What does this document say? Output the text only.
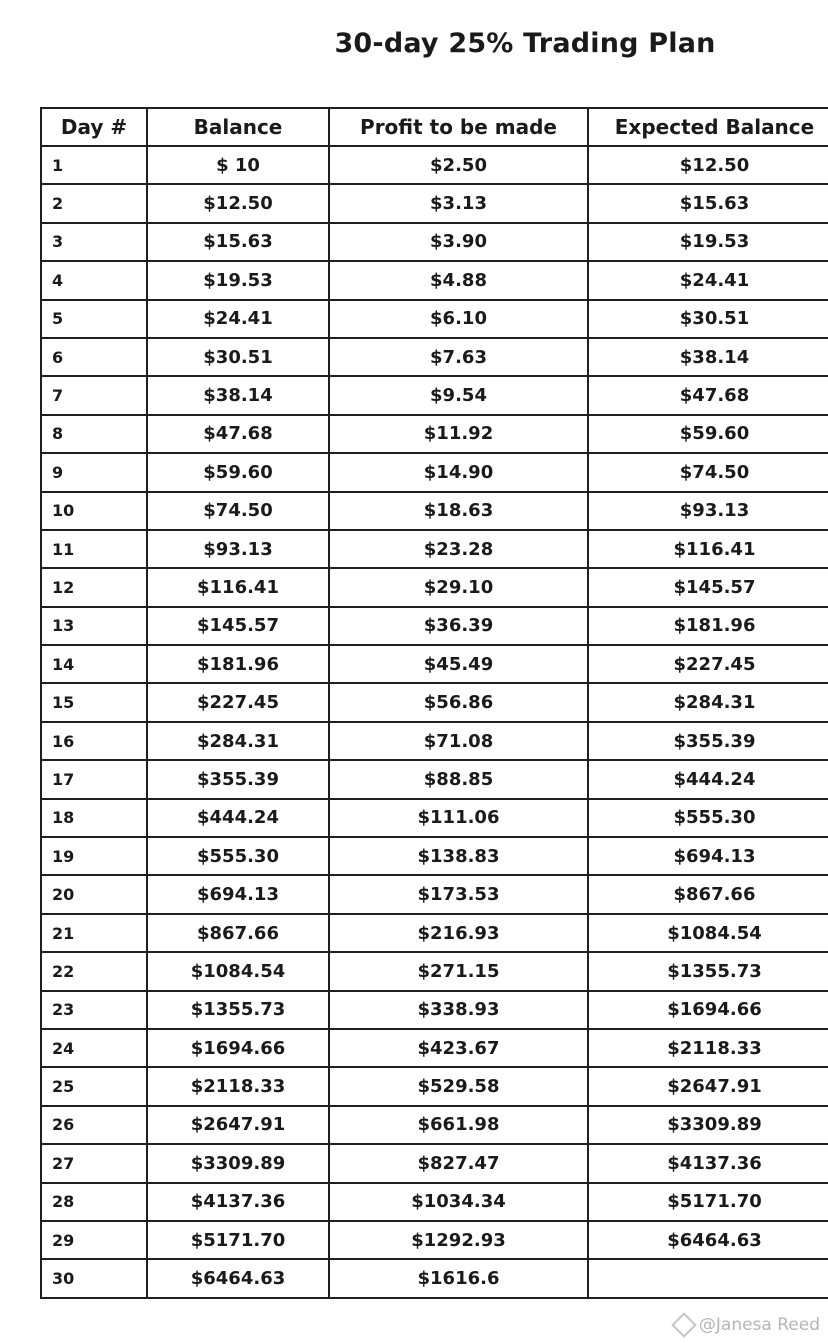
30-day 25% Trading Plan
Day #	Balance	Profit to be made	Expected Balance
1	$ 10	$2.50	$12.50
2	$12.50	$3.13	$15.63
3	$15.63	$3.90	$19.53
4	$19.53	$4.88	$24.41
5	$24.41	$6.10	$30.51
6	$30.51	$7.63	$38.14
7	$38.14	$9.54	$47.68
8	$47.68	$11.92	$59.60
9	$59.60	$14.90	$74.50
10	$74.50	$18.63	$93.13
11	$93.13	$23.28	$116.41
12	$116.41	$29.10	$145.57
13	$145.57	$36.39	$181.96
14	$181.96	$45.49	$227.45
15	$227.45	$56.86	$284.31
16	$284.31	$71.08	$355.39
17	$355.39	$88.85	$444.24
18	$444.24	$111.06	$555.30
19	$555.30	$138.83	$694.13
20	$694.13	$173.53	$867.66
21	$867.66	$216.93	$1084.54
22	$1084.54	$271.15	$1355.73
23	$1355.73	$338.93	$1694.66
24	$1694.66	$423.67	$2118.33
25	$2118.33	$529.58	$2647.91
26	$2647.91	$661.98	$3309.89
27	$3309.89	$827.47	$4137.36
28	$4137.36	$1034.34	$5171.70
29	$5171.70	$1292.93	$6464.63
30	$6464.63	$1616.6	
@Janesa Reed
